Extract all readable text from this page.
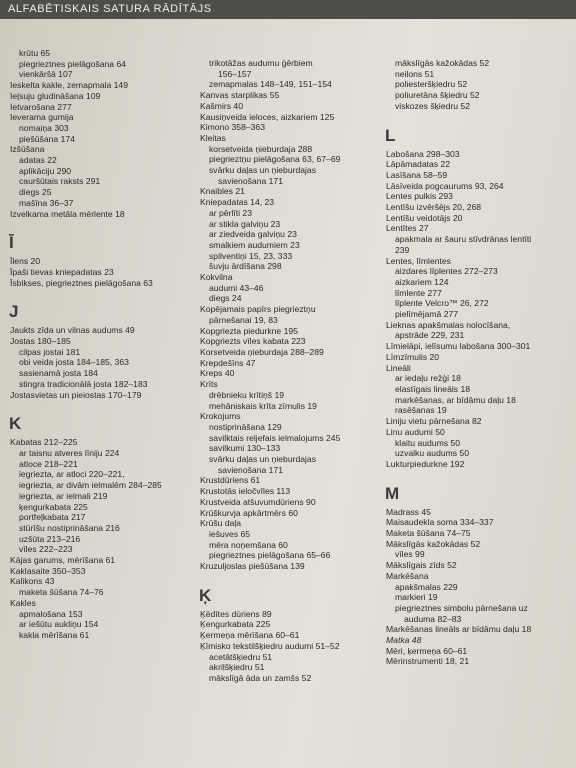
ALFABĒTISKAIS SATURA RĀDĪTĀJS
krūtu 65
piegrieztnes pielāgošana 64
vienkāršā 107
Ieskelta kakle, zemapmala 149
Ieļsuju gludināšana 109
Ietvarošana 277
Ieverama gumija
nomaiņa 303
piešūšana 174
Izšūšana
adatas 22
aplikāciju 290
cauršūtais raksts 291
diegs 25
mašīna 36–37
Izvelkama metāla mērlente 18
Ī
Īlens 20
Īpaši tievas kniepadatas 23
Īsbikses, piegrieztnes pielāgošana 63
J
Jaukts zīda un vilnas audums 49
Jostas 180–185
cilpas jostai 181
obi veida josta 184–185, 363
sasienamā josta 184
stingra tradicionālā josta 182–183
Jostasvietas un pieiostas 170–179
K
Kabatas 212–225
ar taisnu atveres līniju 224
atloce 218–221
iegriezta, ar atloci 220–221,
iegriezta, ar divām ielmalēm 284–285
iegriezta, ar ielmali 219
ķengurkabata 225
portfeļkabata 217
stūrīšu nostiprināšana 216
uzšūta 213–216
vīles 222–223
Kājas garums, mērīšana 61
Kaklasaite 350–353
Kalikons 43
maketa šūšana 74–76
Kakles
apmalošana 153
ar iešūtu aukliņu 154
kakla mērīšana 61
trikotāžas audumu ģērbiem
156–157
zemapmalas 148–149, 151–154
Kanvas starplikas 55
Kašmirs 40
Kausiņveida ieloces, aizkariem 125
Kimono 358–363
Kleitas
korsetveida ņieburdaja 288
piegrieztņu pielāgošana 63, 67–69
svārku daļas un ņieburdajas
savienošana 171
Knaibles 21
Kniepadatas 14, 23
ar pērlīti 23
ar stikla galviņu 23
ar ziedveida galviņu 23
smalkiem audumiem 23
spilventiņi 15, 23, 333
šuvju ārdīšana 298
Kokvilna
audumi 43–46
diegs 24
Kopējamais papīrs piegrieztņu
pārnešanai 19, 83
Kopgriezta piedurkne 195
Kopgriezts vīles kabata 223
Korsetveida ņieburdaja 288–289
Krepdešīns 47
Kreps 40
Krīts
drēbnieku krītiņš 19
mehāniskais krīta zīmulis 19
Krokojums
nostiprināšana 129
savilktais reljefais ielmalojums 245
savilkumi 130–133
svārku daļas un ņieburdajas
savienošana 171
Krustdūriens 61
Krustotās ieločvīles 113
Krustveida atšuvumdūriens 90
Krūškurvja apkārtmērs 60
Krūšu daļa
iešuves 65
mēra noņemšana 60
piegrieztnes pielāgošana 65–66
Kruzuljoslas piešūšana 139
Ķ
Ķēdītes dūriens 89
Ķengurkabata 225
Ķermeņa mērīšana 60–61
Ķīmisko tekstilšķiedru audumi 51–52
acetātšķiedru 51
akrilšķiedru 51
mākslīgā āda un zamšs 52
mākslīgās kažokādas 52
neilons 51
poliesteršķiedru 52
poliuretāna šķiedru 52
viskozes šķiedru 52
L
Labošana 298–303
Lāpāmadatas 22
Lasīšana 58–59
Lāsīveida pogcaurums 93, 264
Lentes pulkis 293
Lentīšu izvēršējs 20, 268
Lentīšu veidotājs 20
Lentītes 27
apakmala ar šauru stīvdrānas lentīti
239
Lentes, līmlentes
aizdares līplentes 272–273
aizkariem 124
līmlente 277
līplente Velcro™ 26, 272
pielīmējamā 277
Lieknas apakšmalas nolocīšana,
apstrāde 229, 231
Līmielāpi, ielīsumu labošana 300–301
Līmzīmulis 20
Lineāli
ar iedaļu režģi 18
elastīgais lineāls 18
markēšanas, ar bīdāmu daļu 18
rasēšanas 19
Liniju vietu pārnešana 82
Linu audumi 50
klaitu audums 50
uzvalku audums 50
Lukturpiedurkne 192
M
Madrass 45
Maisaudekla soma 334–337
Maketa šūšana 74–75
Mākslīgās kažokādas 52
vīles 99
Mākslīgais zīds 52
Markēšana
apakšmalas 229
markieri 19
piegrieztnes simbolu pārnešana uz
auduma 82–83
Markēšanas lineāls ar bīdāmu daļu 18
Matka 48
Mēri, ķermeņa 60–61
Mērinstrumenti 18, 21
